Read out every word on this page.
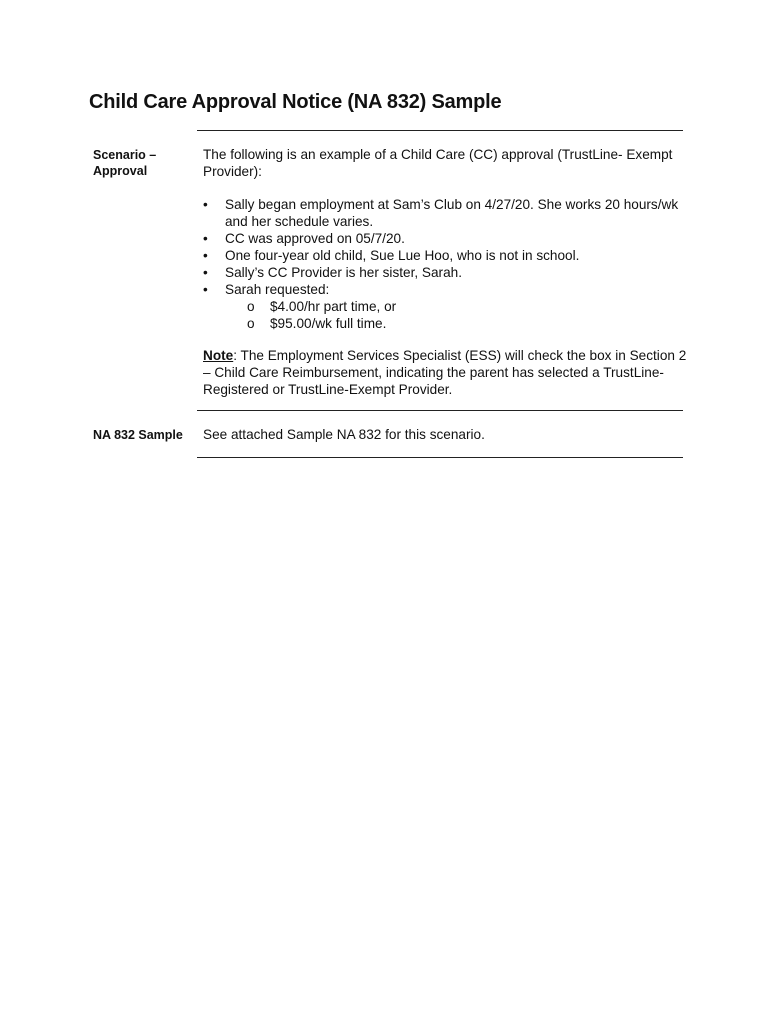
Child Care Approval Notice (NA 832) Sample
Scenario –
Approval
The following is an example of a Child Care (CC) approval (TrustLine- Exempt Provider):
• Sally began employment at Sam’s Club on 4/27/20. She works 20 hours/wk and her schedule varies.
• CC was approved on 05/7/20.
• One four-year old child, Sue Lue Hoo, who is not in school.
• Sally’s CC Provider is her sister, Sarah.
• Sarah requested:
o $4.00/hr part time, or
o $95.00/wk full time.
Note: The Employment Services Specialist (ESS) will check the box in Section 2 – Child Care Reimbursement, indicating the parent has selected a TrustLine-Registered or TrustLine-Exempt Provider.
NA 832 Sample See attached Sample NA 832 for this scenario.
